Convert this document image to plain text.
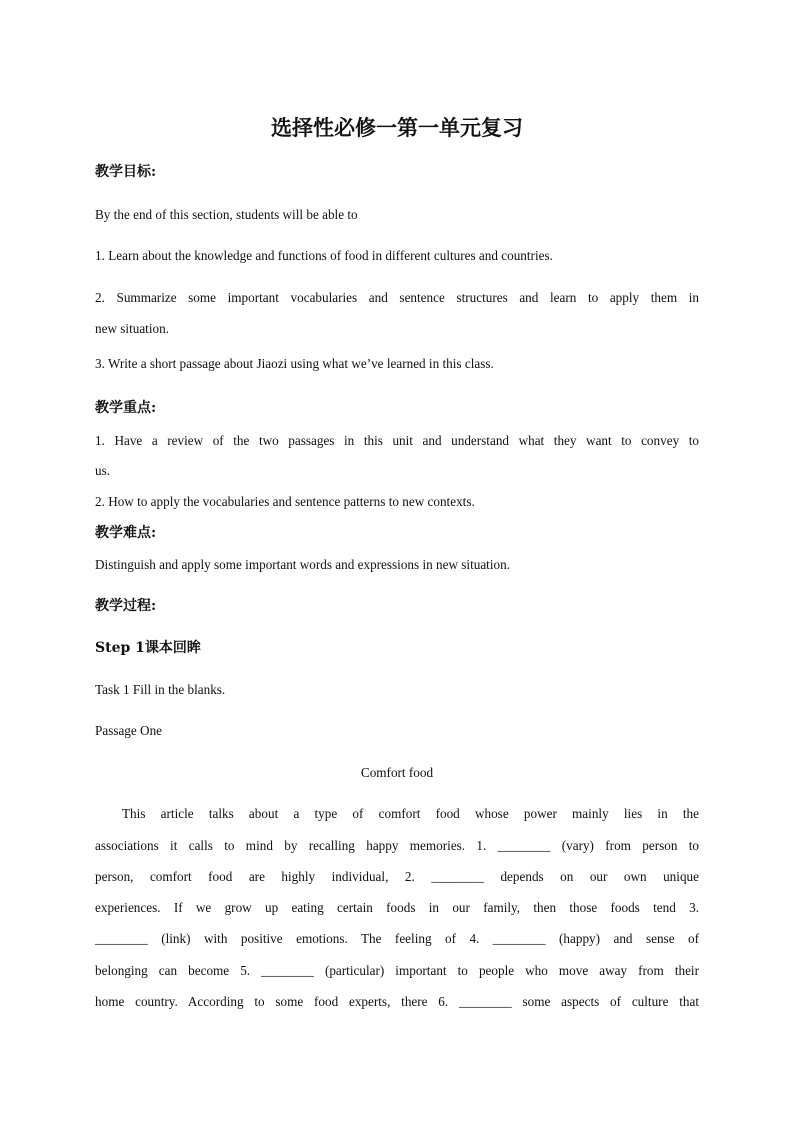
选择性必修一第一单元复习
教学目标:
By the end of this section, students will be able to
1. Learn about the knowledge and functions of food in different cultures and countries.
2. Summarize some important vocabularies and sentence structures and learn to apply them in
new situation.
3. Write a short passage about Jiaozi using what we’ve learned in this class.
教学重点:
1. Have a review of the two passages in this unit and understand what they want to convey to
us.
2. How to apply the vocabularies and sentence patterns to new contexts.
教学难点:
Distinguish and apply some important words and expressions in new situation.
教学过程:
Step 1课本回眸
Task 1 Fill in the blanks.
Passage One
Comfort food
This article talks about a type of comfort food whose power mainly lies in the
associations it calls to mind by recalling happy memories. 1. ________ (vary) from person to
person, comfort food are highly individual, 2. ________ depends on our own unique
experiences. If we grow up eating certain foods in our family, then those foods tend 3.
________ (link) with positive emotions. The feeling of 4. ________ (happy) and sense of
belonging can become 5. ________ (particular) important to people who move away from their
home country. According to some food experts, there 6. ________ some aspects of culture that
